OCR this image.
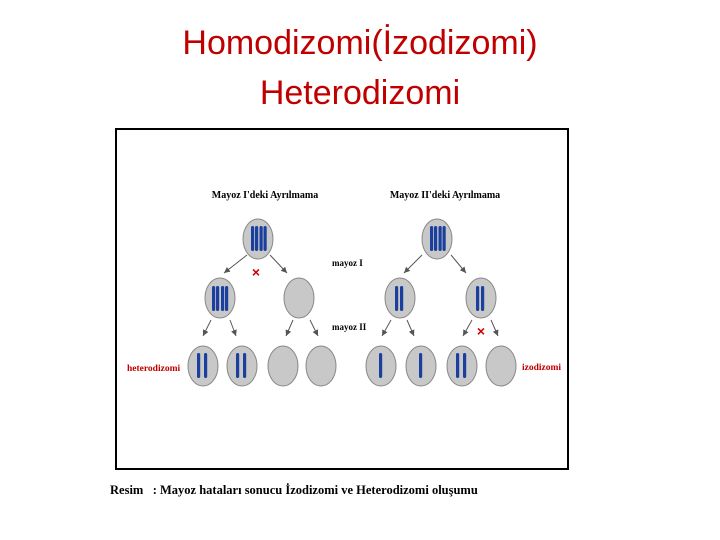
Homodizomi(İzodizomi)
Heterodizomi
Mayoz I'deki Ayrılmama	Mayoz II'deki Ayrılmama
mayoz I
mayoz II
heterodizomi	izodizomi
×
×
Resim   : Mayoz hataları sonucu İzodizomi ve Heterodizomi oluşumu
